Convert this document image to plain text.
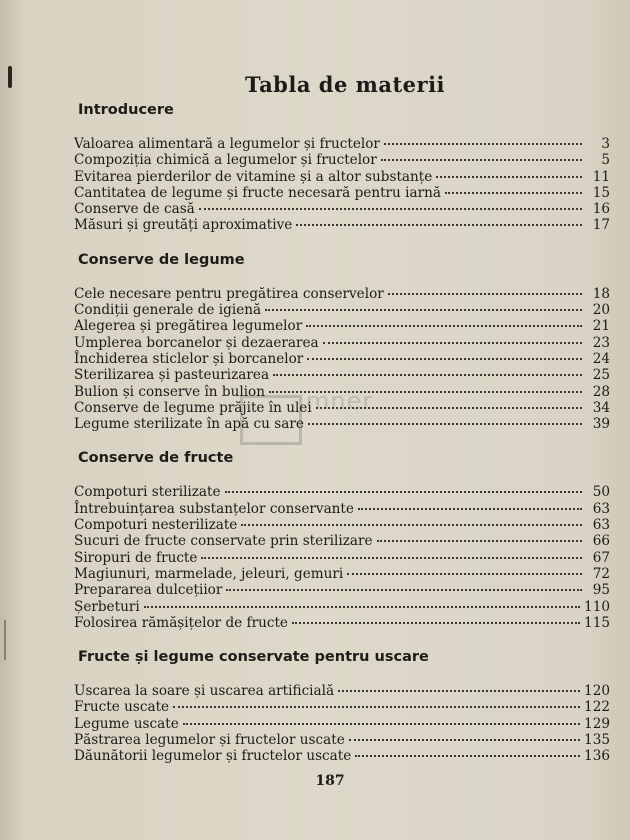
Tabla de materii
mner
Introducere
Valoarea alimentară a legumelor și fructelor	3
Compoziția chimică a legumelor și fructelor	5
Evitarea pierderilor de vitamine și a altor substanțe	11
Cantitatea de legume și fructe necesară pentru iarnă	15
Conserve de casă	16
Măsuri și greutăți aproximative	17
Conserve de legume
Cele necesare pentru pregătirea conservelor	18
Condiții generale de igienă	20
Alegerea și pregătirea legumelor	21
Umplerea borcanelor și dezaerarea	23
Închiderea sticlelor și borcanelor	24
Sterilizarea și pasteurizarea	25
Bulion și conserve în bulion	28
Conserve de legume prăjite în ulei	34
Legume sterilizate în apă cu sare	39
Conserve de fructe
Compoturi sterilizate	50
Întrebuințarea substanțelor conservante	63
Compoturi nesterilizate	63
Sucuri de fructe conservate prin sterilizare	66
Siropuri de fructe	67
Magiunuri, marmelade, jeleuri, gemuri	72
Prepararea dulcețiior	95
Șerbeturi	110
Folosirea rămășițelor de fructe	115
Fructe și legume conservate pentru uscare
Uscarea la soare și uscarea artificială	120
Fructe uscate	122
Legume uscate	129
Păstrarea legumelor și fructelor uscate	135
Dăunătorii legumelor și fructelor uscate	136
187
